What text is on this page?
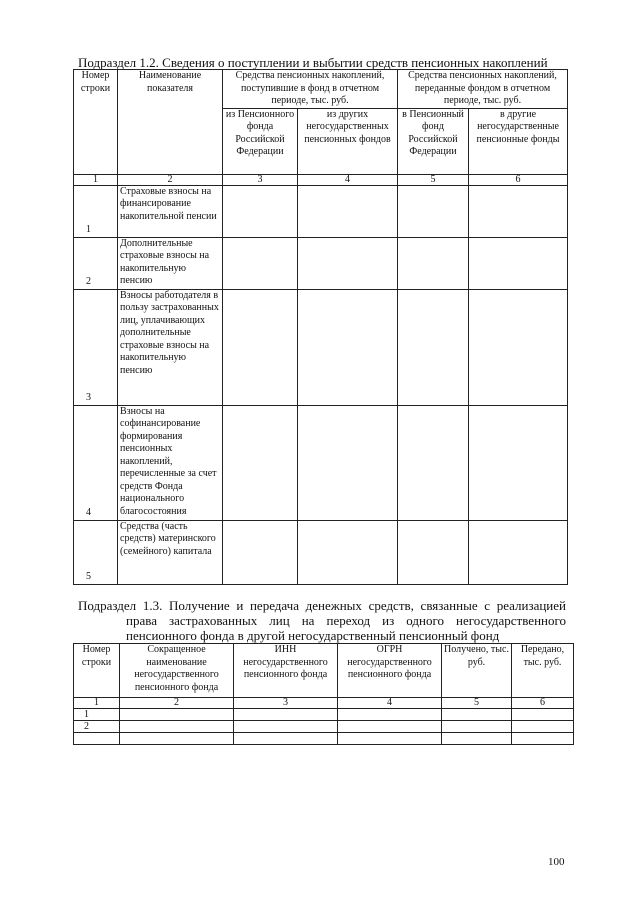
Подраздел 1.2. Сведения о поступлении и выбытии средств пенсионных накоплений
Номер строки	Наименование показателя	Средства пенсионных накоплений, поступившие в фонд в отчетном периоде, тыс. руб.		Средства пенсионных накоплений, переданные фондом в отчетном периоде, тыс. руб.	
		из Пенсионного фонда Российской Федерации	из других негосударственных пенсионных фондов	в Пенсионный фонд Российской Федерации	в другие негосударственные пенсионные фонды
1	2	3	4	5	6
1	Страховые взносы на финансирование накопительной пенсии				
2	Дополнительные страховые взносы на накопительную пенсию				
3	Взносы работодателя в пользу застрахованных лиц, уплачивающих дополнительные страховые взносы на накопительную пенсию				
4	Взносы на софинансирование формирования пенсионных накоплений, перечисленные за счет средств Фонда национального благосостояния				
5	Средства (часть средств) материнского (семейного) капитала				
Подраздел 1.3. Получение и передача денежных средств, связанные с реализацией
права застрахованных лиц на переход из одного негосударственного
пенсионного фонда в другой негосударственный пенсионный фонд
Номер строки	Сокращенное наименование негосударственного пенсионного фонда	ИНН негосударственного пенсионного фонда	ОГРН негосударственного пенсионного фонда	Получено, тыс. руб.	Передано, тыс. руб.
1	2	3	4	5	6
1					
2					

100
